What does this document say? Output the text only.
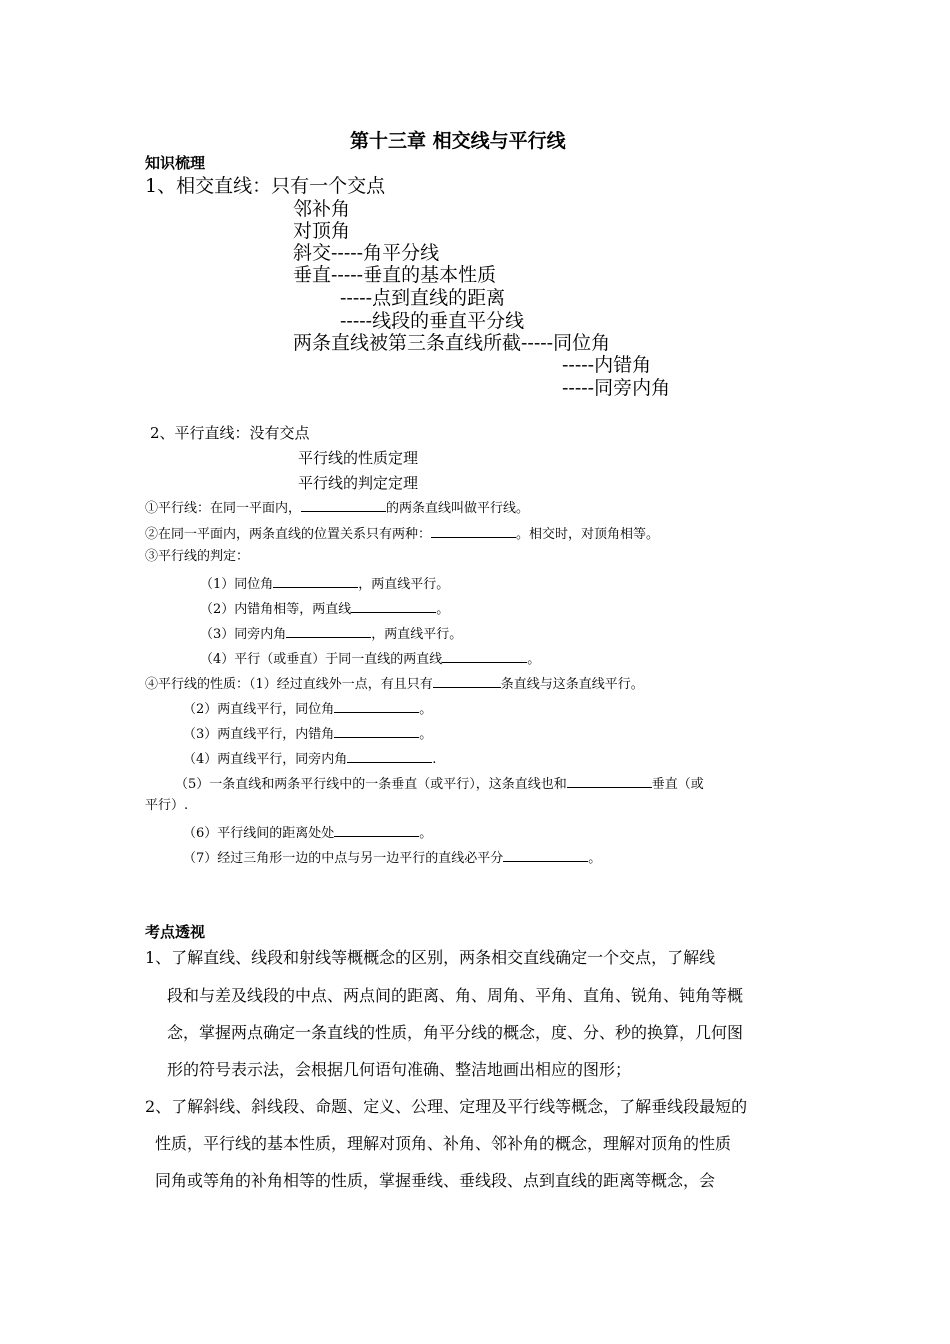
第十三章 相交线与平行线
知识梳理
1、相交直线：只有一个交点
邻补角
对顶角
斜交-----角平分线
垂直-----垂直的基本性质
-----点到直线的距离
-----线段的垂直平分线
两条直线被第三条直线所截-----同位角
-----内错角
-----同旁内角
2、平行直线：没有交点
平行线的性质定理
平行线的判定定理
①平行线：在同一平面内，	的两条直线叫做平行线。
②在同一平面内，两条直线的位置关系只有两种：	。相交时，对顶角相等。
③平行线的判定：
（1）同位角	，两直线平行。
（2）内错角相等，两直线	。
（3）同旁内角	，两直线平行。
（4）平行（或垂直）于同一直线的两直线	。
④平行线的性质：（1）经过直线外一点，有且只有	条直线与这条直线平行。
（2）两直线平行，同位角	。
（3）两直线平行，内错角	。
（4）两直线平行，同旁内角	.
（5）一条直线和两条平行线中的一条垂直（或平行），这条直线也和	垂直（或
平行）.
（6）平行线间的距离处处	。
（7）经过三角形一边的中点与另一边平行的直线必平分	。
考点透视
1、了解直线、线段和射线等概概念的区别，两条相交直线确定一个交点，了解线
段和与差及线段的中点、两点间的距离、角、周角、平角、直角、锐角、钝角等概
念，掌握两点确定一条直线的性质，角平分线的概念，度、分、秒的换算，几何图
形的符号表示法，会根据几何语句准确、整洁地画出相应的图形；
2、了解斜线、斜线段、命题、定义、公理、定理及平行线等概念，了解垂线段最短的
性质，平行线的基本性质，理解对顶角、补角、邻补角的概念，理解对顶角的性质
同角或等角的补角相等的性质，掌握垂线、垂线段、点到直线的距离等概念，会
